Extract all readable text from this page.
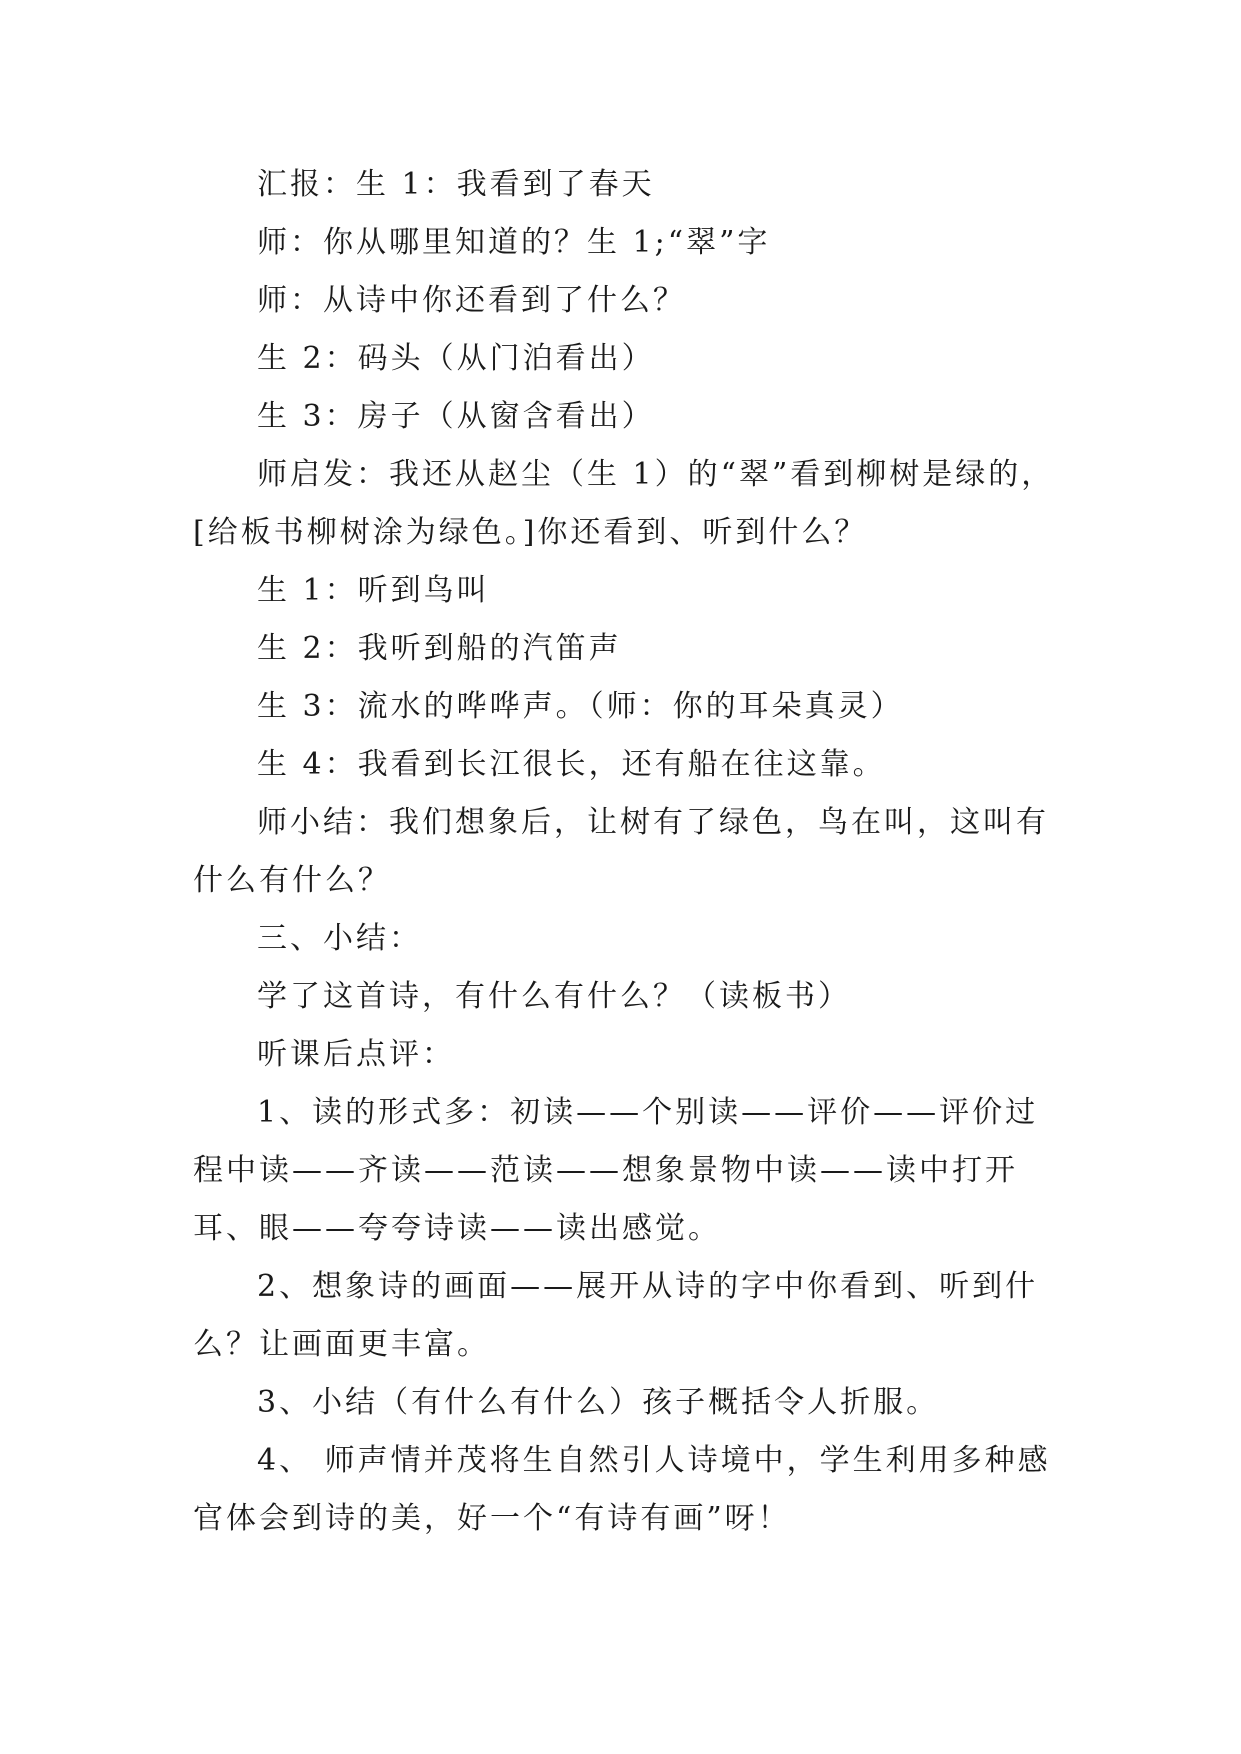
汇报：生 1：我看到了春天

师：你从哪里知道的？生 1;“翠”字

师：从诗中你还看到了什么？

生 2：码头（从门泊看出）

生 3：房子（从窗含看出）

师启发：我还从赵尘（生 1）的“翠”看到柳树是绿的，[给板书柳树涂为绿色。]你还看到、听到什么？

生 1：听到鸟叫

生 2：我听到船的汽笛声

生 3：流水的哗哗声。（师：你的耳朵真灵）

生 4：我看到长江很长，还有船在往这靠。

师小结：我们想象后，让树有了绿色，鸟在叫，这叫有什么有什么？

三、小结：

学了这首诗，有什么有什么？（读板书）

听课后点评：

1、读的形式多：初读——个别读——评价——评价过程中读——齐读——范读——想象景物中读——读中打开耳、眼——夸夸诗读——读出感觉。

2、想象诗的画面——展开从诗的字中你看到、听到什么？让画面更丰富。

3、小结（有什么有什么）孩子概括令人折服。

4、 师声情并茂将生自然引人诗境中，学生利用多种感官体会到诗的美，好一个“有诗有画”呀！
